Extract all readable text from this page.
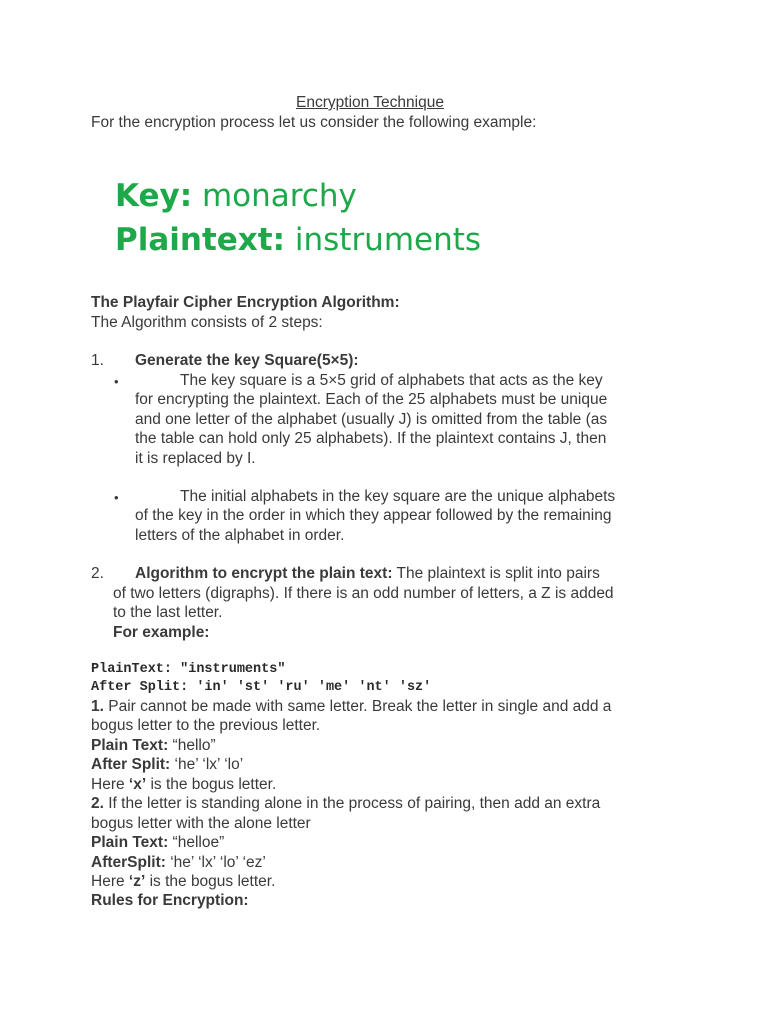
Encryption Technique
For the encryption process let us consider the following example:
Key: monarchy
Plaintext: instruments
The Playfair Cipher Encryption Algorithm:
The Algorithm consists of 2 steps:
1. Generate the key Square(5×5):
•	The key square is a 5×5 grid of alphabets that acts as the key
for encrypting the plaintext. Each of the 25 alphabets must be unique
and one letter of the alphabet (usually J) is omitted from the table (as
the table can hold only 25 alphabets). If the plaintext contains J, then
it is replaced by I.
•	The initial alphabets in the key square are the unique alphabets
of the key in the order in which they appear followed by the remaining
letters of the alphabet in order.
2. Algorithm to encrypt the plain text: The plaintext is split into pairs
of two letters (digraphs). If there is an odd number of letters, a Z is added
to the last letter.
For example:
PlainText: "instruments"
After Split: 'in' 'st' 'ru' 'me' 'nt' 'sz'
1. Pair cannot be made with same letter. Break the letter in single and add a
bogus letter to the previous letter.
Plain Text: “hello”
After Split: ‘he’ ‘lx’ ‘lo’
Here ‘x’ is the bogus letter.
2. If the letter is standing alone in the process of pairing, then add an extra
bogus letter with the alone letter
Plain Text: “helloe”
AfterSplit: ‘he’ ‘lx’ ‘lo’ ‘ez’
Here ‘z’ is the bogus letter.
Rules for Encryption:
